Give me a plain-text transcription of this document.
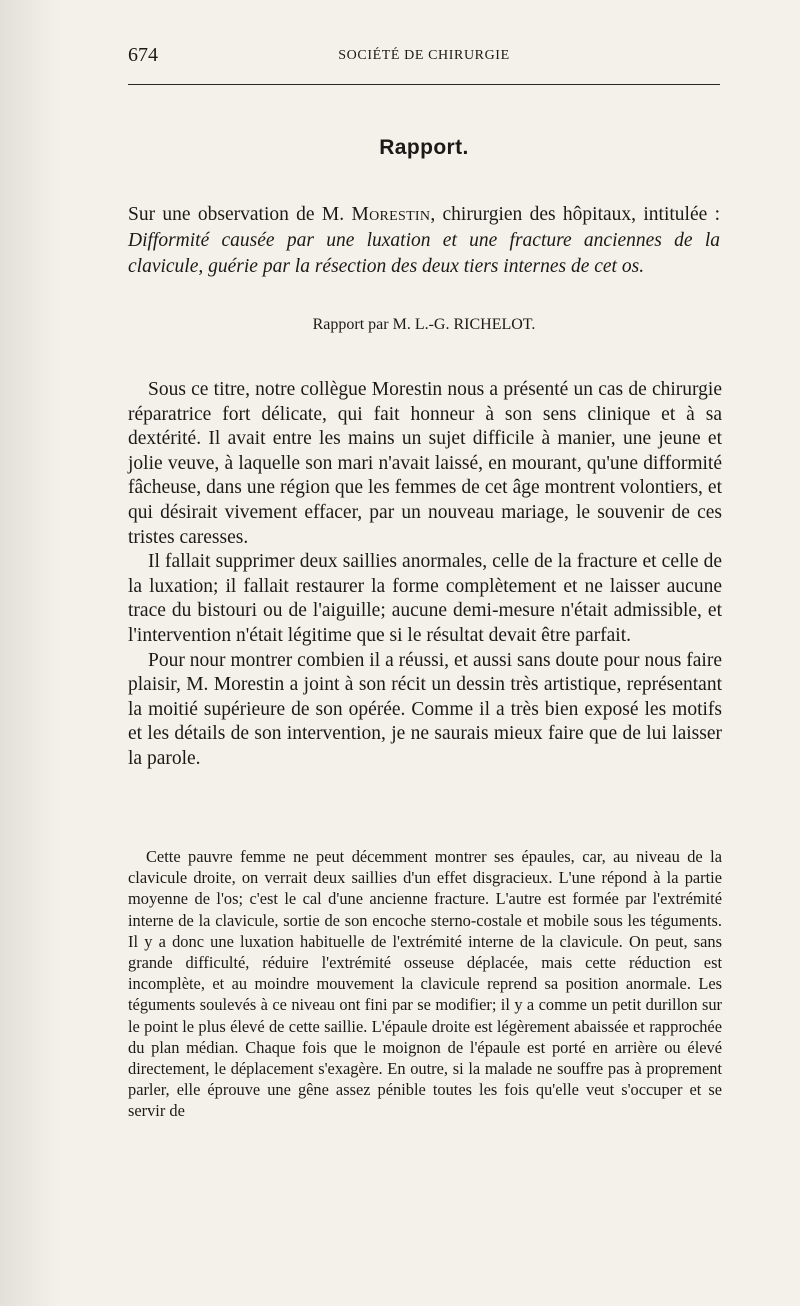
674	SOCIÉTÉ DE CHIRURGIE
Rapport.
Sur une observation de M. Morestin, chirurgien des hôpitaux, intitulée : Difformité causée par une luxation et une fracture anciennes de la clavicule, guérie par la résection des deux tiers internes de cet os.
Rapport par M. L.-G. RICHELOT.

Sous ce titre, notre collègue Morestin nous a présenté un cas de chirurgie réparatrice fort délicate, qui fait honneur à son sens clinique et à sa dextérité. Il avait entre les mains un sujet difficile à manier, une jeune et jolie veuve, à laquelle son mari n'avait laissé, en mourant, qu'une difformité fâcheuse, dans une région que les femmes de cet âge montrent volontiers, et qui désirait vivement effacer, par un nouveau mariage, le souvenir de ces tristes caresses.

Il fallait supprimer deux saillies anormales, celle de la fracture et celle de la luxation; il fallait restaurer la forme complètement et ne laisser aucune trace du bistouri ou de l'aiguille; aucune demi-mesure n'était admissible, et l'intervention n'était légitime que si le résultat devait être parfait.

Pour nour montrer combien il a réussi, et aussi sans doute pour nous faire plaisir, M. Morestin a joint à son récit un dessin très artistique, représentant la moitié supérieure de son opérée. Comme il a très bien exposé les motifs et les détails de son intervention, je ne saurais mieux faire que de lui laisser la parole.

Cette pauvre femme ne peut décemment montrer ses épaules, car, au niveau de la clavicule droite, on verrait deux saillies d'un effet disgracieux. L'une répond à la partie moyenne de l'os; c'est le cal d'une ancienne fracture. L'autre est formée par l'extrémité interne de la clavicule, sortie de son encoche sterno-costale et mobile sous les téguments. Il y a donc une luxation habituelle de l'extrémité interne de la clavicule. On peut, sans grande difficulté, réduire l'extrémité osseuse déplacée, mais cette réduction est incomplète, et au moindre mouvement la clavicule reprend sa position anormale. Les téguments soulevés à ce niveau ont fini par se modifier; il y a comme un petit durillon sur le point le plus élevé de cette saillie. L'épaule droite est légèrement abaissée et rapprochée du plan médian. Chaque fois que le moignon de l'épaule est porté en arrière ou élevé directement, le déplacement s'exagère. En outre, si la malade ne souffre pas à proprement parler, elle éprouve une gêne assez pénible toutes les fois qu'elle veut s'occuper et se servir de
